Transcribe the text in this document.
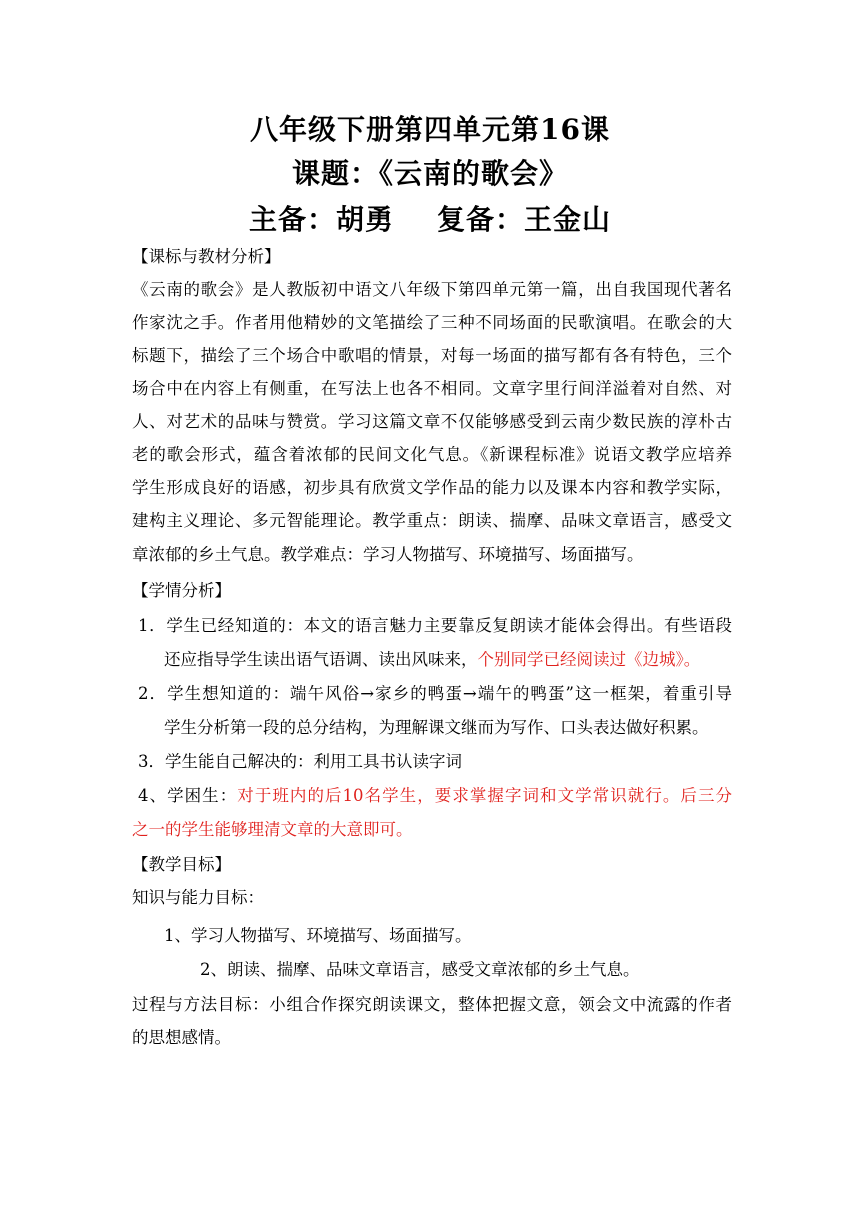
八年级下册第四单元第16课
课题：《云南的歌会》
主备：胡勇    复备：王金山
【课标与教材分析】
《云南的歌会》是人教版初中语文八年级下第四单元第一篇，出自我国现代著名
作家沈之手。作者用他精妙的文笔描绘了三种不同场面的民歌演唱。在歌会的大
标题下，描绘了三个场合中歌唱的情景，对每一场面的描写都有各有特色，三个
场合中在内容上有侧重，在写法上也各不相同。文章字里行间洋溢着对自然、对
人、对艺术的品味与赞赏。学习这篇文章不仅能够感受到云南少数民族的淳朴古
老的歌会形式，蕴含着浓郁的民间文化气息。《新课程标准》说语文教学应培养
学生形成良好的语感，初步具有欣赏文学作品的能力以及课本内容和教学实际，
建构主义理论、多元智能理论。教学重点：朗读、揣摩、品味文章语言，感受文
章浓郁的乡土气息。教学难点：学习人物描写、环境描写、场面描写。
【学情分析】
1．学生已经知道的：本文的语言魅力主要靠反复朗读才能体会得出。有些语段
还应指导学生读出语气语调、读出风味来，个别同学已经阅读过《边城》。
2．学生想知道的：端午风俗→家乡的鸭蛋→端午的鸭蛋”这一框架，着重引导
学生分析第一段的总分结构，为理解课文继而为写作、口头表达做好积累。
3．学生能自己解决的：利用工具书认读字词
4、学困生：对于班内的后10名学生，要求掌握字词和文学常识就行。后三分
之一的学生能够理清文章的大意即可。
【教学目标】
知识与能力目标：
1、学习人物描写、环境描写、场面描写。
2、朗读、揣摩、品味文章语言，感受文章浓郁的乡土气息。
过程与方法目标：小组合作探究朗读课文，整体把握文意，领会文中流露的作者
的思想感情。
